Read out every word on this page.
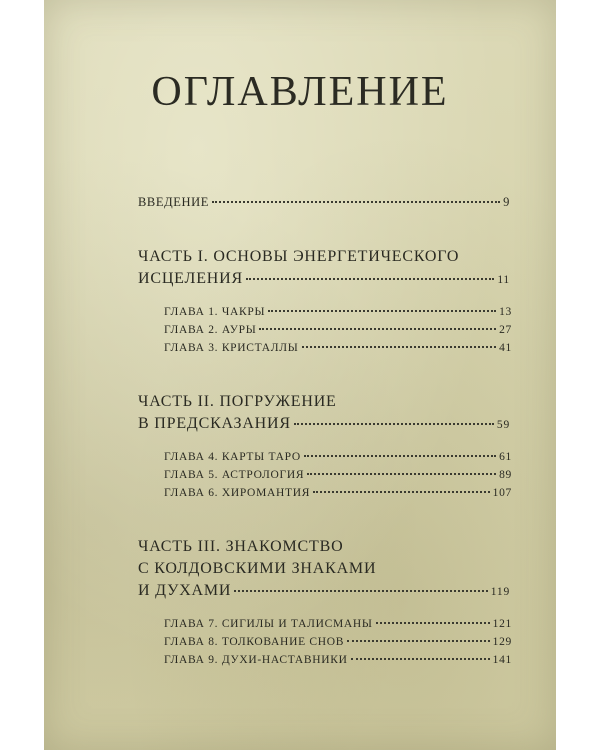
ОГЛАВЛЕНИЕ
ВВЕДЕНИЕ	9
ЧАСТЬ I. ОСНОВЫ ЭНЕРГЕТИЧЕСКОГО
ИСЦЕЛЕНИЯ	11
ГЛАВА 1. ЧАКРЫ	13
ГЛАВА 2. АУРЫ	27
ГЛАВА 3. КРИСТАЛЛЫ	41
ЧАСТЬ II. ПОГРУЖЕНИЕ
В ПРЕДСКАЗАНИЯ	59
ГЛАВА 4. КАРТЫ ТАРО	61
ГЛАВА 5. АСТРОЛОГИЯ	89
ГЛАВА 6. ХИРОМАНТИЯ	107
ЧАСТЬ III. ЗНАКОМСТВО
С КОЛДОВСКИМИ ЗНАКАМИ
И ДУХАМИ	119
ГЛАВА 7. СИГИЛЫ И ТАЛИСМАНЫ	121
ГЛАВА 8. ТОЛКОВАНИЕ СНОВ	129
ГЛАВА 9. ДУХИ-НАСТАВНИКИ	141
